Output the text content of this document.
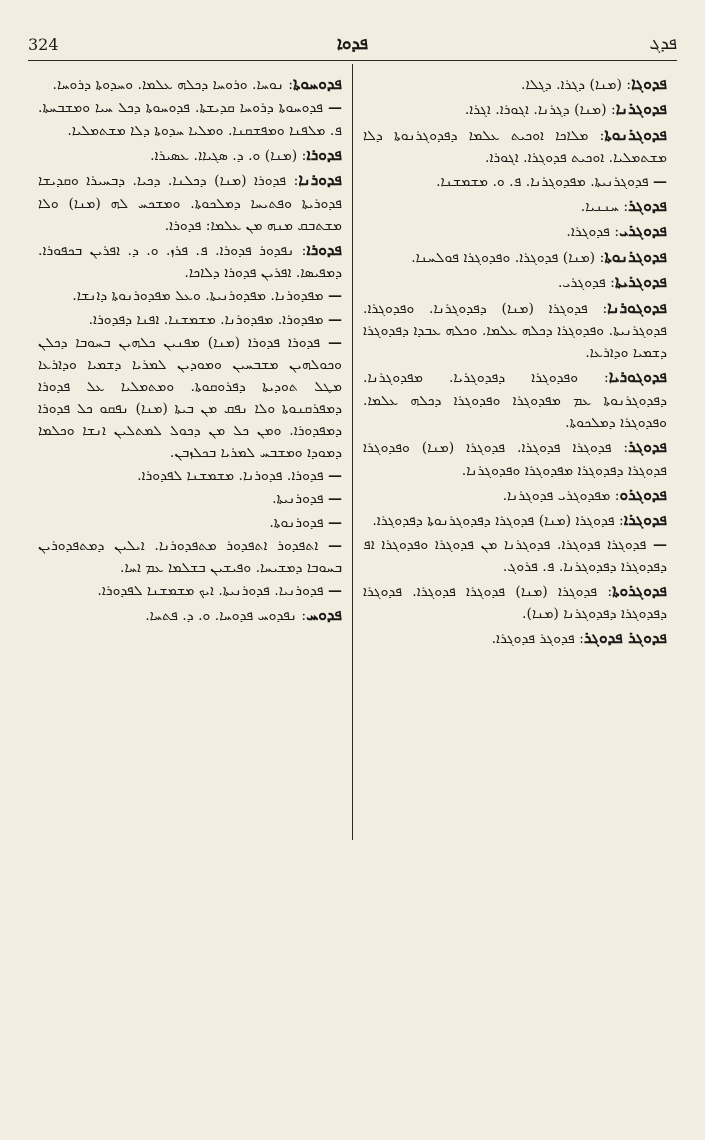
324	ܦܕܘܐ	ܦܕܓ

ܦܕܘܚܘܬܐ: ܢܘܚܐ. ܘܪܘܚܐ ܕܟܠܗ ܥܠܡܐ. ܘܚܕܘܬܐ ܕܪܘܚܐ.

— ܦܕܘܚܘܬܐ ܕܪܘܚܐ ܩܕܝܫܬܐ. ܦܕܘܚܘܬܐ ܕܟܠ ܚܝܐ ܘܡܫܒܚܬܐ. ܦ. ܡܠܦܢܐ ܘܡܦܫܩܢܐ. ܘܡܠܝܐ ܚܕܘܬܐ ܕܠܐ ܡܫܬܡܠܝܐ.

ܦܕܘܪܐ: (ܡܢܐ) ܘ. ܕ. ܣܓܝܐܐ. ܥܣܝܪܐ.

ܦܕܘܪܢܐ: ܦܕܘܪܐ (ܡܢܐ) ܕܟܠܢܐ. ܕܟܝܐ. ܕܒܚܝܪܐ ܘܩܕܝܫܐ ܦܕܘܪܝܬܐ ܘܦܬܝܚܐ ܕܡܠܟܘܬܐ. ܘܡܫܟܚ ܠܗ (ܡܢܐ) ܘܠܐ ܡܫܬܒܩ ܡܢܗ ܡܢ ܥܠܡܐ: ܦܕܘܪܐ.

ܦܕܘܪܐ: ܢܦܕܘܪ ܦܕܘܪܐ. ܦ. ܦܪܙ. ܘ. ܕ. ܐܦܪܝܢ ܒܟܦܘܪܐ. ܕܡܦܝܣܐ. ܐܦܪܝܢ ܦܕܘܪܐ ܕܠܐܟܐ.

— ܡܦܕܘܪܢܐ. ܡܦܕܘܪܢܝܬܐ. ܘܥܠ ܡܦܕܘܪܢܘܬܐ ܕܐܢܫܐ.

— ܡܦܕܘܪܐ. ܡܦܕܘܪܢܐ. ܡܫܡܫܢܐ. ܐܦܢܐ ܕܦܕܘܪܐ.

— ܦܕܘܪܐ ܦܕܘܪܐ (ܡܢܐ) ܡܦܢܝܢ ܟܠܗܝܢ ܒܚܘܒܐ ܕܟܠܢ ܘܟܘܠܗܝܢ ܡܫܒܚܝܢ ܘܡܘܕܝܢ ܠܡܪܝܐ ܕܫܡܝܐ ܘܕܐܪܥܐ ܡܛܠ ܬܘܕܝܬܐ ܕܦܪܘܩܘܬܐ. ܘܡܬܡܠܝܐ ܥܠ ܦܕܘܪܐ ܕܡܦܪܩܢܘܬܐ ܘܠܐ ܢܦܩ ܡܢ ܒܝܬܐ (ܡܢܐ) ܢܦܩܘ ܟܠ ܦܕܘܪܐ ܕܡܦܕܘܪܐ. ܘܡܢ ܟܠ ܡܢ ܕܟܘܠ ܠܡܬܠܝܢ ܐܢܫܐ ܘܟܠܡܐ ܕܡܘܕܐ ܘܡܫܒܚ ܠܡܪܝܐ ܒܟܠܙܒܢ.

— ܦܕܘܪܐ. ܦܕܘܪܢܐ. ܡܫܡܫܢܐ ܠܦܕܘܪܐ.

— ܦܕܘܪܢܝܬܐ.

— ܦܕܘܪܢܘܬܐ.

— ܐܬܦܕܘܪ ܐܬܦܕܘܪ ܡܬܦܕܘܪܢܐ. ܐܝܠܝܢ ܕܡܬܦܕܘܪܝܢ ܒܚܘܒܐ ܕܡܫܝܚܐ. ܘܦܝܫܝܢ ܒܫܠܡܐ ܥܡ ܐܚܐ.

— ܦܕܘܪܢܝܐ. ܦܕܘܪܢܝܬܐ. ܐܝܟ ܡܫܡܫܢܐ ܠܦܕܘܪܐ.

ܦܕܘܚ: ܢܦܕܘܚ ܦܕܘܚܐ. ܘ. ܕ. ܦܬܚܐ.

ܦܕܘܓܐ: (ܡܢܐ) ܕܓܪܐ. ܕܓܠܐ.

ܦܕܘܓܪܢܐ: (ܡܢܐ) ܕܓܪܢܐ. ܐܓܘܪܐ. ܐܓܪܐ.

ܦܕܘܓܪܢܘܬܐ: ܡܠܐܟܐ ܐܘܟܝܬ ܥܠܡܐ ܕܦܕܘܓܪܢܘܬܐ ܕܠܐ ܡܫܬܡܠܝܐ. ܐܘܟܝܬ ܦܕܘܓܪܐ. ܐܓܘܪܐ.

— ܦܕܘܓܪܢܝܬܐ. ܡܦܕܘܓܪܢܐ. ܦ. ܘ. ܡܫܡܫܢܐ.

ܦܕܘܓܪ: ܚܢܢܝܐ.

ܦܕܘܓܪܝ: ܦܕܘܓܪܐ.

ܦܕܘܓܪܢܘܬܐ: (ܡܢܐ) ܦܕܘܓܪܐ. ܘܦܕܘܓܪܐ ܦܘܠܚܢܐ.

ܦܕܘܓܪܝܬܐ: ܦܕܘܓܪܝ.

ܦܕܘܓܘܪܢܐ: ܦܕܘܓܪܐ (ܡܢܐ) ܕܦܕܘܓܪܢܐ. ܘܦܕܘܓܪܐ. ܦܕܘܓܪܢܝܬܐ. ܘܦܕܘܓܪܐ ܕܟܠܗ ܥܠܡܐ. ܘܟܠܗ ܥܒܕܐ ܕܦܕܘܓܪܐ ܕܫܡܝܐ ܘܕܐܪܥܐ.

ܦܕܘܓܘܪܝܐ: ܘܦܕܘܓܪܐ ܕܦܕܘܓܪܝܐ. ܡܦܕܘܓܪܢܐ. ܕܦܕܘܓܪܢܘܬܐ ܥܡ ܡܦܕܘܓܪܐ ܘܦܕܘܓܪܐ ܕܟܠܗ ܥܠܡܐ. ܘܦܕܘܓܪܐ ܕܡܠܟܘܬܐ.

ܦܕܘܓܪ: ܦܕܘܓܪܐ ܦܕܘܓܪܐ. ܦܕܘܓܪܐ (ܡܢܐ) ܘܦܕܘܓܪܐ ܦܕܘܓܪܐ ܕܦܕܘܓܪܐ ܡܦܕܘܓܪܐ ܘܦܕܘܓܪܢܐ.

ܦܕܘܓܪܘ: ܡܦܕܘܓܪܝ ܦܕܘܓܪܢܐ.

ܦܕܘܓܪܐ: ܦܕܘܓܪܐ (ܡܢܐ) ܦܕܘܓܪܐ ܕܦܕܘܓܪܢܘܬܐ ܕܦܕܘܓܪܐ.

— ܦܕܘܓܪܐ ܦܕܘܓܪܐ. ܦܕܘܓܪܢܐ ܡܢ ܦܕܘܓܪܐ ܘܦܕܘܓܪܐ ܐܦ ܕܦܕܘܓܪܐ ܕܦܕܘܓܪܢܐ. ܦ. ܦܪܘܓ.

ܦܕܘܓܪܘܬܐ: ܦܕܘܓܪܐ (ܡܢܐ) ܦܕܘܓܪܐ ܦܕܘܓܪܐ. ܦܕܘܓܪܐ ܕܦܕܘܓܪܐ ܕܦܕܘܓܪܢܐ (ܡܢܐ).

ܦܕܘܓܪ ܦܕܘܓܪ: ܦܕܘܓܪ ܦܕܘܓܪܐ.
